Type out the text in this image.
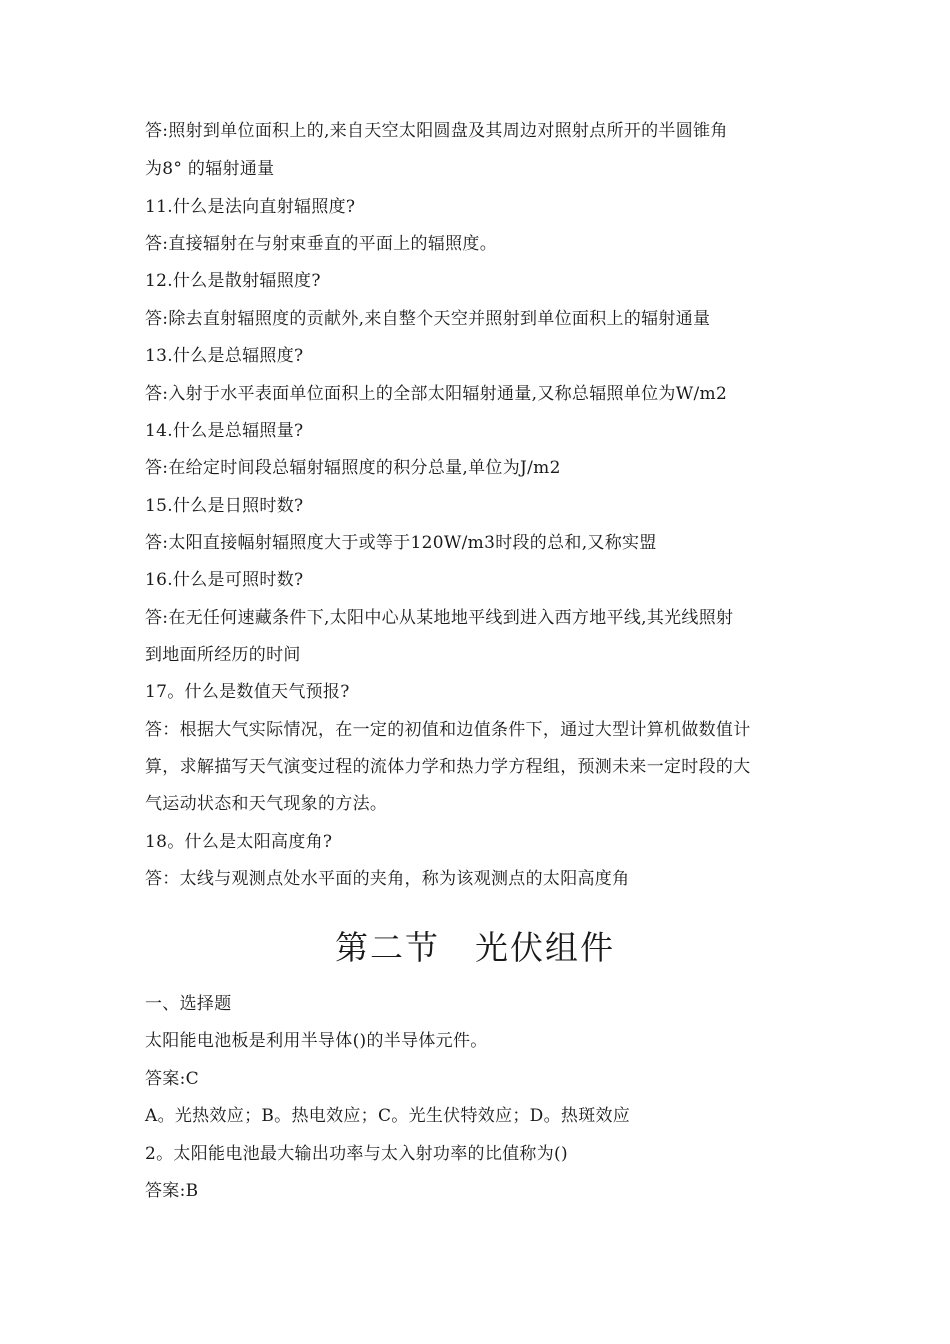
答:照射到单位面积上的,来自天空太阳圆盘及其周边对照射点所开的半圆锥角
为8° 的辐射通量
11.什么是法向直射辐照度?
答:直接辐射在与射束垂直的平面上的辐照度。
12.什么是散射辐照度?
答:除去直射辐照度的贡献外,来自整个天空并照射到单位面积上的辐射通量
13.什么是总辐照度?
答:入射于水平表面单位面积上的全部太阳辐射通量,又称总辐照单位为W/m2
14.什么是总辐照量?
答:在给定时间段总辐射辐照度的积分总量,单位为J/m2
15.什么是日照时数?
答:太阳直接幅射辐照度大于或等于120W/m3时段的总和,又称实盟
16.什么是可照时数?
答:在无任何速藏条件下,太阳中心从某地地平线到进入西方地平线,其光线照射
到地面所经历的时间
17。什么是数值天气预报?
答：根据大气实际情况，在一定的初值和边值条件下，通过大型计算机做数值计
算，求解描写天气演变过程的流体力学和热力学方程组，预测未来一定时段的大
气运动状态和天气现象的方法。
18。什么是太阳高度角?
答：太线与观测点处水平面的夹角，称为该观测点的太阳高度角
第二节　光伏组件
一、选择题
太阳能电池板是利用半导体()的半导体元件。
答案:C
A。光热效应；B。热电效应；C。光生伏特效应；D。热斑效应
2。太阳能电池最大输出功率与太入射功率的比值称为()
答案:B
